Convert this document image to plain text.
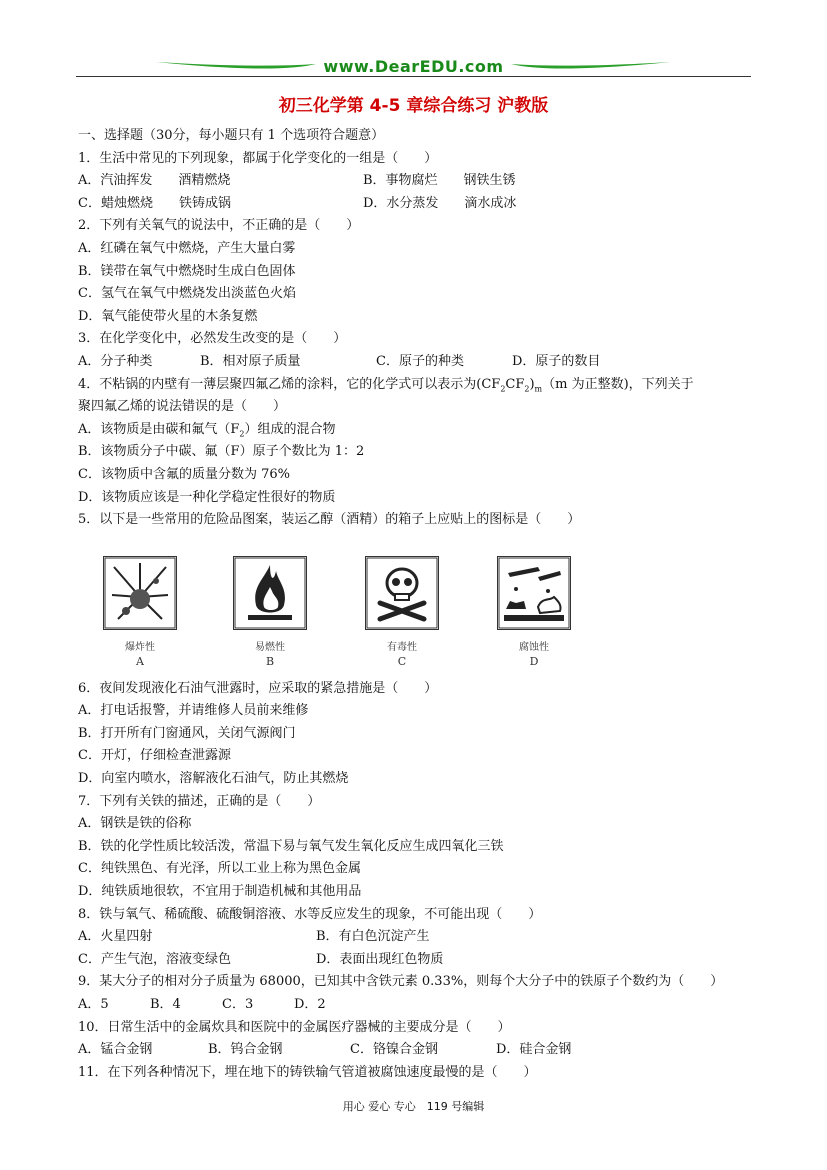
www.DearEDU.com
初三化学第 4-5 章综合练习 沪教版
一、选择题（30分，每小题只有 1 个选项符合题意）
1．生活中常见的下列现象，都属于化学变化的一组是（　　）
A．汽油挥发　　酒精燃烧	B．事物腐烂　　钢铁生锈
C．蜡烛燃烧　　铁铸成锅	D．水分蒸发　　滴水成冰
2．下列有关氧气的说法中，不正确的是（　　）
A．红磷在氧气中燃烧，产生大量白雾
B．镁带在氧气中燃烧时生成白色固体
C．氢气在氧气中燃烧发出淡蓝色火焰
D．氧气能使带火星的木条复燃
3．在化学变化中，必然发生改变的是（　　）
A．分子种类	B．相对原子质量	C．原子的种类	D．原子的数目
4．不粘锅的内壁有一薄层聚四氟乙烯的涂料，它的化学式可以表示为$(CF_2CF_2)_m(m$ 为正整数)，下列关于
聚四氟乙烯的说法错误的是（　　）
A．该物质是由碳和氟气$(F_2)$组成的混合物
B．该物质分子中碳、氟（F）原子个数比为 1：2
C．该物质中含氟的质量分数为 76%
D．该物质应该是一种化学稳定性很好的物质
5．以下是一些常用的危险品图案，装运乙醇（酒精）的箱子上应贴上的图标是（　　）
爆炸性
A
易燃性
B
有毒性
C
腐蚀性
D
6．夜间发现液化石油气泄露时，应采取的紧急措施是（　　）
A．打电话报警，并请维修人员前来维修
B．打开所有门窗通风，关闭气源阀门
C．开灯，仔细检查泄露源
D．向室内喷水，溶解液化石油气，防止其燃烧
7．下列有关铁的描述，正确的是（　　）
A．钢铁是铁的俗称
B．铁的化学性质比较活泼，常温下易与氧气发生氧化反应生成四氧化三铁
C．纯铁黑色、有光泽，所以工业上称为黑色金属
D．纯铁质地很软，不宜用于制造机械和其他用品
8．铁与氧气、稀硫酸、硫酸铜溶液、水等反应发生的现象，不可能出现（　　）
A．火星四射	B．有白色沉淀产生
C．产生气泡，溶液变绿色	D．表面出现红色物质
9．某大分子的相对分子质量为 68000，已知其中含铁元素 0.33%，则每个大分子中的铁原子个数约为（　　）
A．5	B．4	C．3	D．2
10．日常生活中的金属炊具和医院中的金属医疗器械的主要成分是（　　）
A．锰合金钢	B．钨合金钢	C．铬镍合金钢	D．硅合金钢
11．在下列各种情况下，埋在地下的铸铁输气管道被腐蚀速度最慢的是（　　）
用心 爱心 专心　119 号编辑
